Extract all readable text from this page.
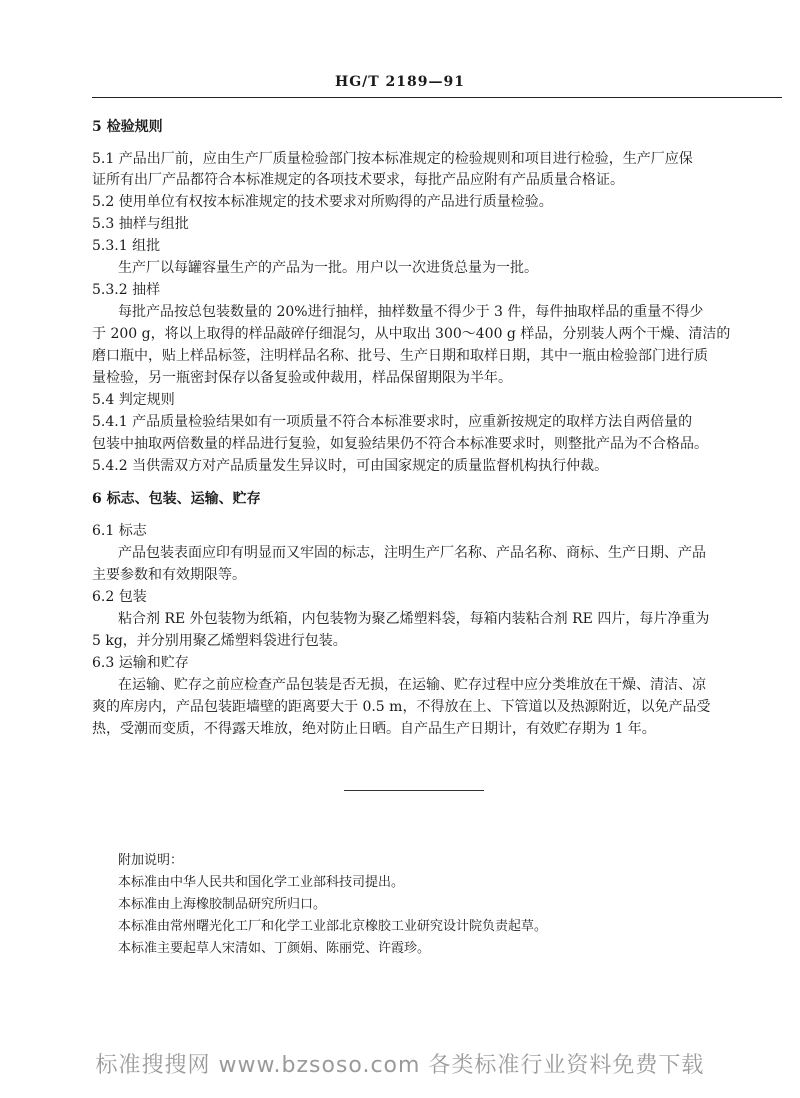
HG/T 2189—91
5 检验规则
5.1 产品出厂前，应由生产厂质量检验部门按本标准规定的检验规则和项目进行检验，生产厂应保
证所有出厂产品都符合本标准规定的各项技术要求，每批产品应附有产品质量合格证。
5.2 使用单位有权按本标准规定的技术要求对所购得的产品进行质量检验。
5.3 抽样与组批
5.3.1 组批
生产厂以每罐容量生产的产品为一批。用户以一次进货总量为一批。
5.3.2 抽样
每批产品按总包装数量的 20%进行抽样，抽样数量不得少于 3 件，每件抽取样品的重量不得少
于 200 g，将以上取得的样品敲碎仔细混匀，从中取出 300～400 g 样品，分别装人两个干燥、清洁的
磨口瓶中，贴上样品标签，注明样品名称、批号、生产日期和取样日期，其中一瓶由检验部门进行质
量检验，另一瓶密封保存以备复验或仲裁用，样品保留期限为半年。
5.4 判定规则
5.4.1 产品质量检验结果如有一项质量不符合本标准要求时，应重新按规定的取样方法自两倍量的
包装中抽取两倍数量的样品进行复验，如复验结果仍不符合本标准要求时，则整批产品为不合格品。
5.4.2 当供需双方对产品质量发生异议时，可由国家规定的质量监督机构执行仲裁。
6 标志、包装、运输、贮存
6.1 标志
产品包装表面应印有明显而又牢固的标志，注明生产厂名称、产品名称、商标、生产日期、产品
主要参数和有效期限等。
6.2 包装
粘合剂 RE 外包装物为纸箱，内包装物为聚乙烯塑料袋，每箱内装粘合剂 RE 四片，每片净重为
5 kg，并分别用聚乙烯塑料袋进行包装。
6.3 运输和贮存
在运输、贮存之前应检查产品包装是否无损，在运输、贮存过程中应分类堆放在干燥、清洁、凉
爽的库房内，产品包装距墙壁的距离要大于 0.5 m，不得放在上、下管道以及热源附近，以免产品受
热，受潮而变质，不得露天堆放，绝对防止日晒。自产品生产日期计，有效贮存期为 1 年。
附加说明：
本标准由中华人民共和国化学工业部科技司提出。
本标准由上海橡胶制品研究所归口。
本标准由常州曙光化工厂和化学工业部北京橡胶工业研究设计院负责起草。
本标准主要起草人宋清如、丁颜娟、陈丽党、许霞珍。
标准搜搜网 www.bzsoso.com 各类标准行业资料免费下载
